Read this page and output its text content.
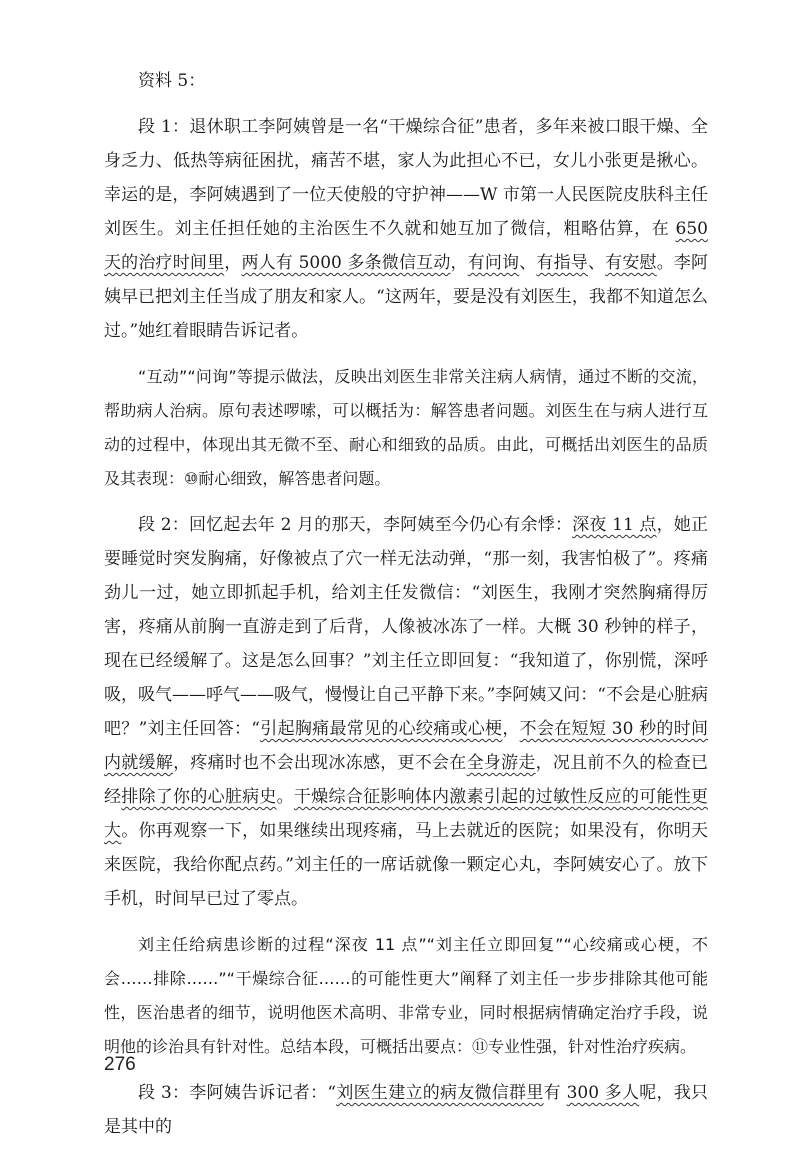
资料 5：

段 1：退休职工李阿姨曾是一名“干燥综合征”患者，多年来被口眼干燥、全身乏力、低热等病征困扰，痛苦不堪，家人为此担心不已，女儿小张更是揪心。幸运的是，李阿姨遇到了一位天使般的守护神——W 市第一人民医院皮肤科主任刘医生。刘主任担任她的主治医生不久就和她互加了微信，粗略估算，在 650 天的治疗时间里，两人有 5000 多条微信互动，有问询、有指导、有安慰。李阿姨早已把刘主任当成了朋友和家人。“这两年，要是没有刘医生，我都不知道怎么过。”她红着眼睛告诉记者。

“互动”“问询”等提示做法，反映出刘医生非常关注病人病情，通过不断的交流，帮助病人治病。原句表述啰嗦，可以概括为：解答患者问题。刘医生在与病人进行互动的过程中，体现出其无微不至、耐心和细致的品质。由此，可概括出刘医生的品质及其表现：⑩耐心细致，解答患者问题。

段 2：回忆起去年 2 月的那天，李阿姨至今仍心有余悸：深夜 11 点，她正要睡觉时突发胸痛，好像被点了穴一样无法动弹，“那一刻，我害怕极了”。疼痛劲儿一过，她立即抓起手机，给刘主任发微信：“刘医生，我刚才突然胸痛得厉害，疼痛从前胸一直游走到了后背，人像被冰冻了一样。大概 30 秒钟的样子，现在已经缓解了。这是怎么回事？”刘主任立即回复：“我知道了，你别慌，深呼吸，吸气——呼气——吸气，慢慢让自己平静下来。”李阿姨又问：“不会是心脏病吧？”刘主任回答：“引起胸痛最常见的心绞痛或心梗，不会在短短 30 秒的时间内就缓解，疼痛时也不会出现冰冻感，更不会在全身游走，况且前不久的检查已经排除了你的心脏病史。干燥综合征影响体内激素引起的过敏性反应的可能性更大。你再观察一下，如果继续出现疼痛，马上去就近的医院；如果没有，你明天来医院，我给你配点药。”刘主任的一席话就像一颗定心丸，李阿姨安心了。放下手机，时间早已过了零点。

刘主任给病患诊断的过程“深夜 11 点”“刘主任立即回复”“心绞痛或心梗，不会……排除……”“干燥综合征……的可能性更大”阐释了刘主任一步步排除其他可能性，医治患者的细节，说明他医术高明、非常专业，同时根据病情确定治疗手段，说明他的诊治具有针对性。总结本段，可概括出要点：⑪专业性强，针对性治疗疾病。

段 3：李阿姨告诉记者：“刘医生建立的病友微信群里有 300 多人呢，我只是其中的

276
